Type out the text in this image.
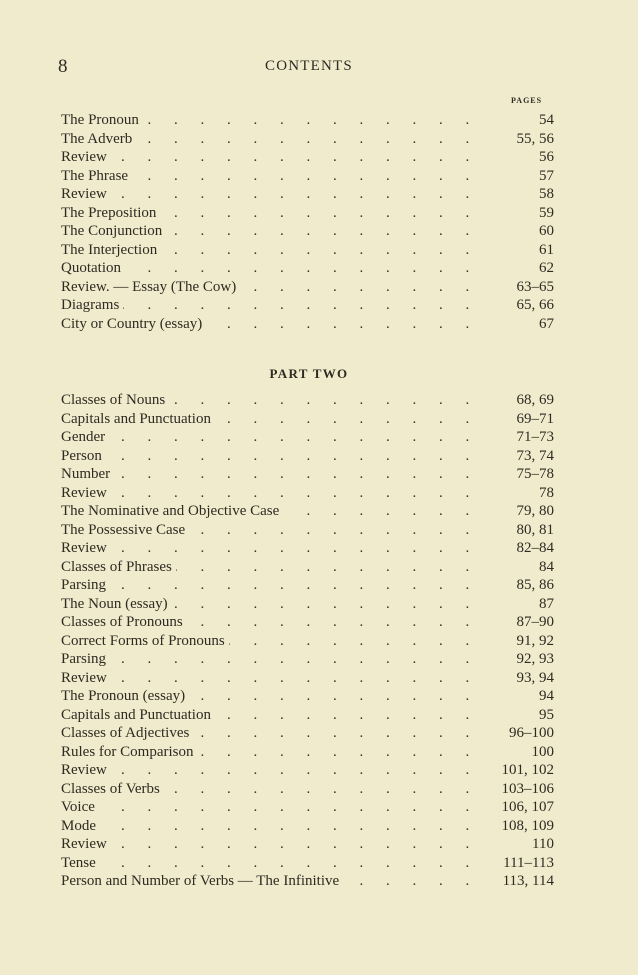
8	CONTENTS
PAGES
. . .
The Pronoun	54
. . .
The Adverb	55, 56
. . .
Review	56
. . .
The Phrase	57
. . .
Review	58
. . .
The Preposition	59
. . .
The Conjunction	60
. . .
The Interjection	61
. . .
Quotation	62
. . .
Review. — Essay (The Cow)	63–65
. . .
Diagrams	65, 66
. . .
City or Country (essay)	67
PART TWO
. . .
Classes of Nouns	68, 69
. . .
Capitals and Punctuation	69–71
. . .
Gender	71–73
. . .
Person	73, 74
. . .
Number	75–78
. . .
Review	78
. . .
The Nominative and Objective Case	79, 80
. . .
The Possessive Case	80, 81
. . .
Review	82–84
. . .
Classes of Phrases	84
. . .
Parsing	85, 86
. . .
The Noun (essay)	87
. . .
Classes of Pronouns	87–90
. . .
Correct Forms of Pronouns	91, 92
. . .
Parsing	92, 93
. . .
Review	93, 94
. . .
The Pronoun (essay)	94
. . .
Capitals and Punctuation	95
. . .
Classes of Adjectives	96–100
. . .
Rules for Comparison	100
. . .
Review	101, 102
. . .
Classes of Verbs	103–106
. . .
Voice	106, 107
. . .
Mode	108, 109
. . .
Review	110
. . .
Tense	111–113
. . .
Person and Number of Verbs — The Infinitive	113, 114
